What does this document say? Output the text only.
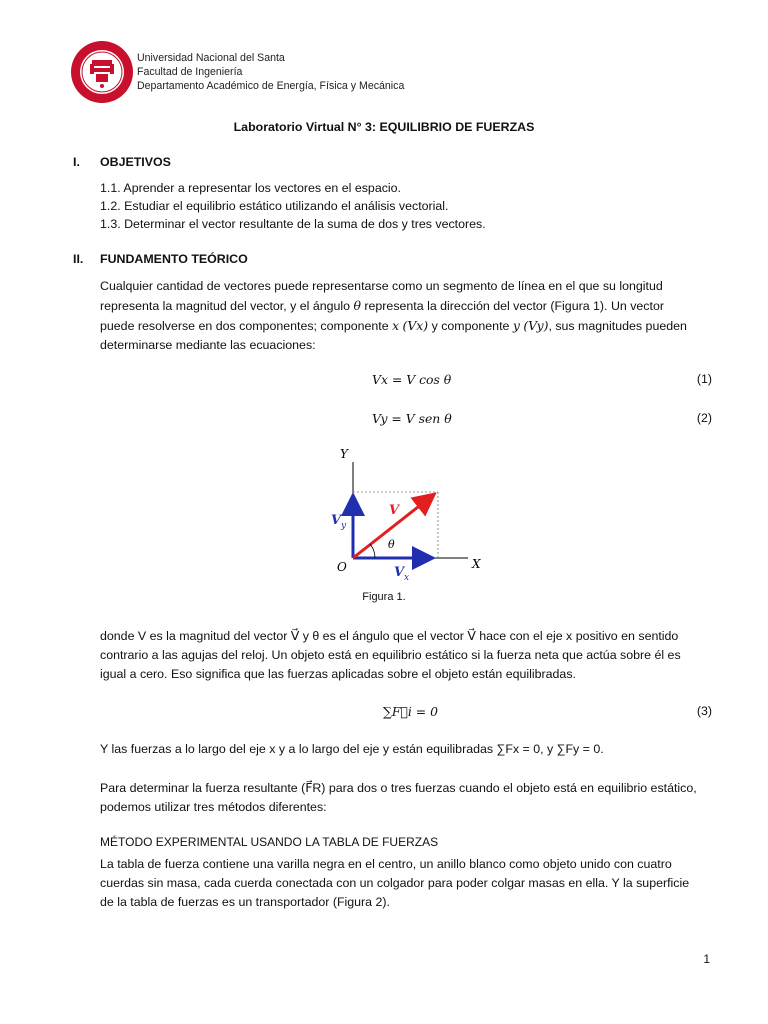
Universidad Nacional del Santa
Facultad de Ingeniería
Departamento Académico de Energía, Física y Mecánica
Laboratorio Virtual N° 3: EQUILIBRIO DE FUERZAS
I. OBJETIVOS
1.1. Aprender a representar los vectores en el espacio.
1.2. Estudiar el equilibrio estático utilizando el análisis vectorial.
1.3. Determinar el vector resultante de la suma de dos y tres vectores.
II. FUNDAMENTO TEÓRICO
Cualquier cantidad de vectores puede representarse como un segmento de línea en el que su longitud
representa la magnitud del vector, y el ángulo θ representa la dirección del vector (Figura 1). Un vector
puede resolverse en dos componentes; componente x (Vx) y componente y (Vy), sus magnitudes pueden
determinarse mediante las ecuaciones:
Vx = V cos θ	(1)
Vy = V sen θ	(2)
Y
X
O
V
θ
V y
V x
Figura 1.
donde V es la magnitud del vector V⃗ y θ es el ángulo que el vector V⃗ hace con el eje x positivo en sentido
contrario a las agujas del reloj. Un objeto está en equilibrio estático si la fuerza neta que actúa sobre él es
igual a cero. Eso significa que las fuerzas aplicadas sobre el objeto están equilibradas.
∑F⃗i = 0	(3)
Y las fuerzas a lo largo del eje x y a lo largo del eje y están equilibradas ∑Fx = 0, y ∑Fy = 0.
Para determinar la fuerza resultante (F⃗R) para dos o tres fuerzas cuando el objeto está en equilibrio estático,
podemos utilizar tres métodos diferentes:
MÉTODO EXPERIMENTAL USANDO LA TABLA DE FUERZAS
La tabla de fuerza contiene una varilla negra en el centro, un anillo blanco como objeto unido con cuatro
cuerdas sin masa, cada cuerda conectada con un colgador para poder colgar masas en ella. Y la superficie
de la tabla de fuerzas es un transportador (Figura 2).
1
